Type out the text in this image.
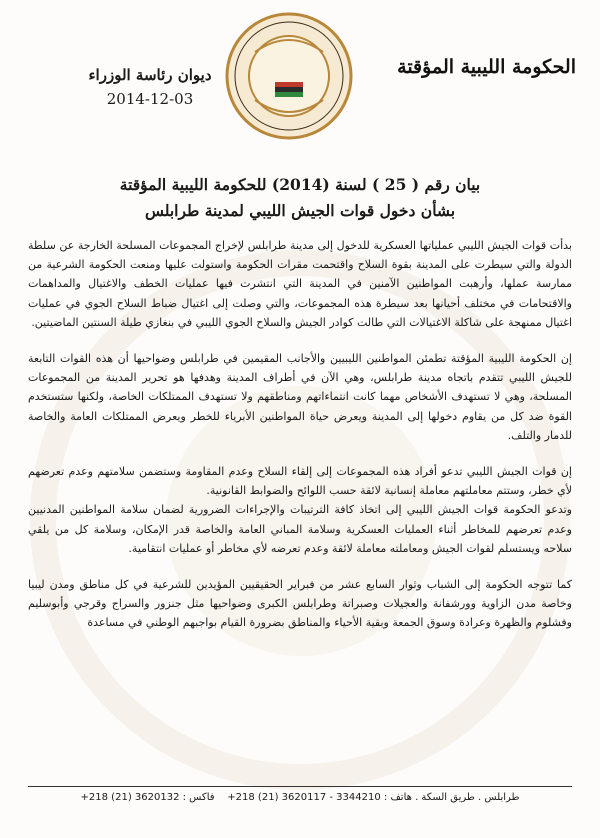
الحكومة الليبية المؤقتة
ديوان رئاسة الوزراء
2014-12-03
بيان رقم ( 25 ) لسنة (2014) للحكومة الليبية المؤقتة
بشأن دخول قوات الجيش الليبي لمدينة طرابلس

بدأت قوات الجيش الليبي عملياتها العسكرية للدخول إلى مدينة طرابلس لإخراج المجموعات المسلحة الخارجة عن سلطة الدولة والتي سيطرت على المدينة بقوة السلاح واقتحمت مقرات الحكومة واستولت عليها ومنعت الحكومة الشرعية من ممارسة عملها، وأرهبت المواطنين الآمنين في المدينة التي انتشرت فيها عمليات الخطف والاغتيال والمداهمات والاقتحامات في مختلف أحيانها بعد سيطرة هذه المجموعات، والتي وصلت إلى اغتيال ضباط السلاح الجوي في عمليات اغتيال ممنهجة على شاكلة الاغتيالات التي طالت كوادر الجيش والسلاح الجوي الليبي في بنغازي طيلة السنتين الماضيتين.

إن الحكومة الليبية المؤقتة تطمئن المواطنين الليبيين والأجانب المقيمين في طرابلس وضواحيها أن هذه القوات التابعة للجيش الليبي تتقدم باتجاه مدينة طرابلس، وهي الآن في أطراف المدينة وهدفها هو تحرير المدينة من المجموعات المسلحة، وهي لا تستهدف الأشخاص مهما كانت انتماءاتهم ومناطقهم ولا تستهدف الممتلكات الخاصة، ولكنها ستستخدم القوة ضد كل من يقاوم دخولها إلى المدينة ويعرض حياة المواطنين الأبرياء للخطر ويعرض الممتلكات العامة والخاصة للدمار والتلف.

إن قوات الجيش الليبي تدعو أفراد هذه المجموعات إلى إلقاء السلاح وعدم المقاومة وستضمن سلامتهم وعدم تعرضهم لأي خطر، وستتم معاملتهم معاملة إنسانية لائقة حسب اللوائح والضوابط القانونية.
وتدعو الحكومة قوات الجيش الليبي إلى اتخاذ كافة الترتيبات والإجراءات الضرورية لضمان سلامة المواطنين المدنيين وعدم تعرضهم للمخاطر أثناء العمليات العسكرية وسلامة المباني العامة والخاصة قدر الإمكان، وسلامة كل من يلقي سلاحه ويستسلم لقوات الجيش ومعاملته معاملة لائقة وعدم تعرضه لأي مخاطر أو عمليات انتقامية.

كما تتوجه الحكومة إلى الشباب وثوار السابع عشر من فبراير الحقيقيين المؤيدين للشرعية في كل مناطق ومدن ليبيا وخاصة مدن الزاوية وورشفانة والعجيلات وصبراتة وطرابلس الكبرى وضواحيها مثل جنزور والسراج وقرجي وأبوسليم وفشلوم والظهرة وعرادة وسوق الجمعة وبقية الأحياء والمناطق بضرورة القيام بواجبهم الوطني في مساعدة

طرابلس . طريق السكة . هاتف : 3344210 - 3620117 (21) 218+    فاكس : 3620132 (21) 218+
